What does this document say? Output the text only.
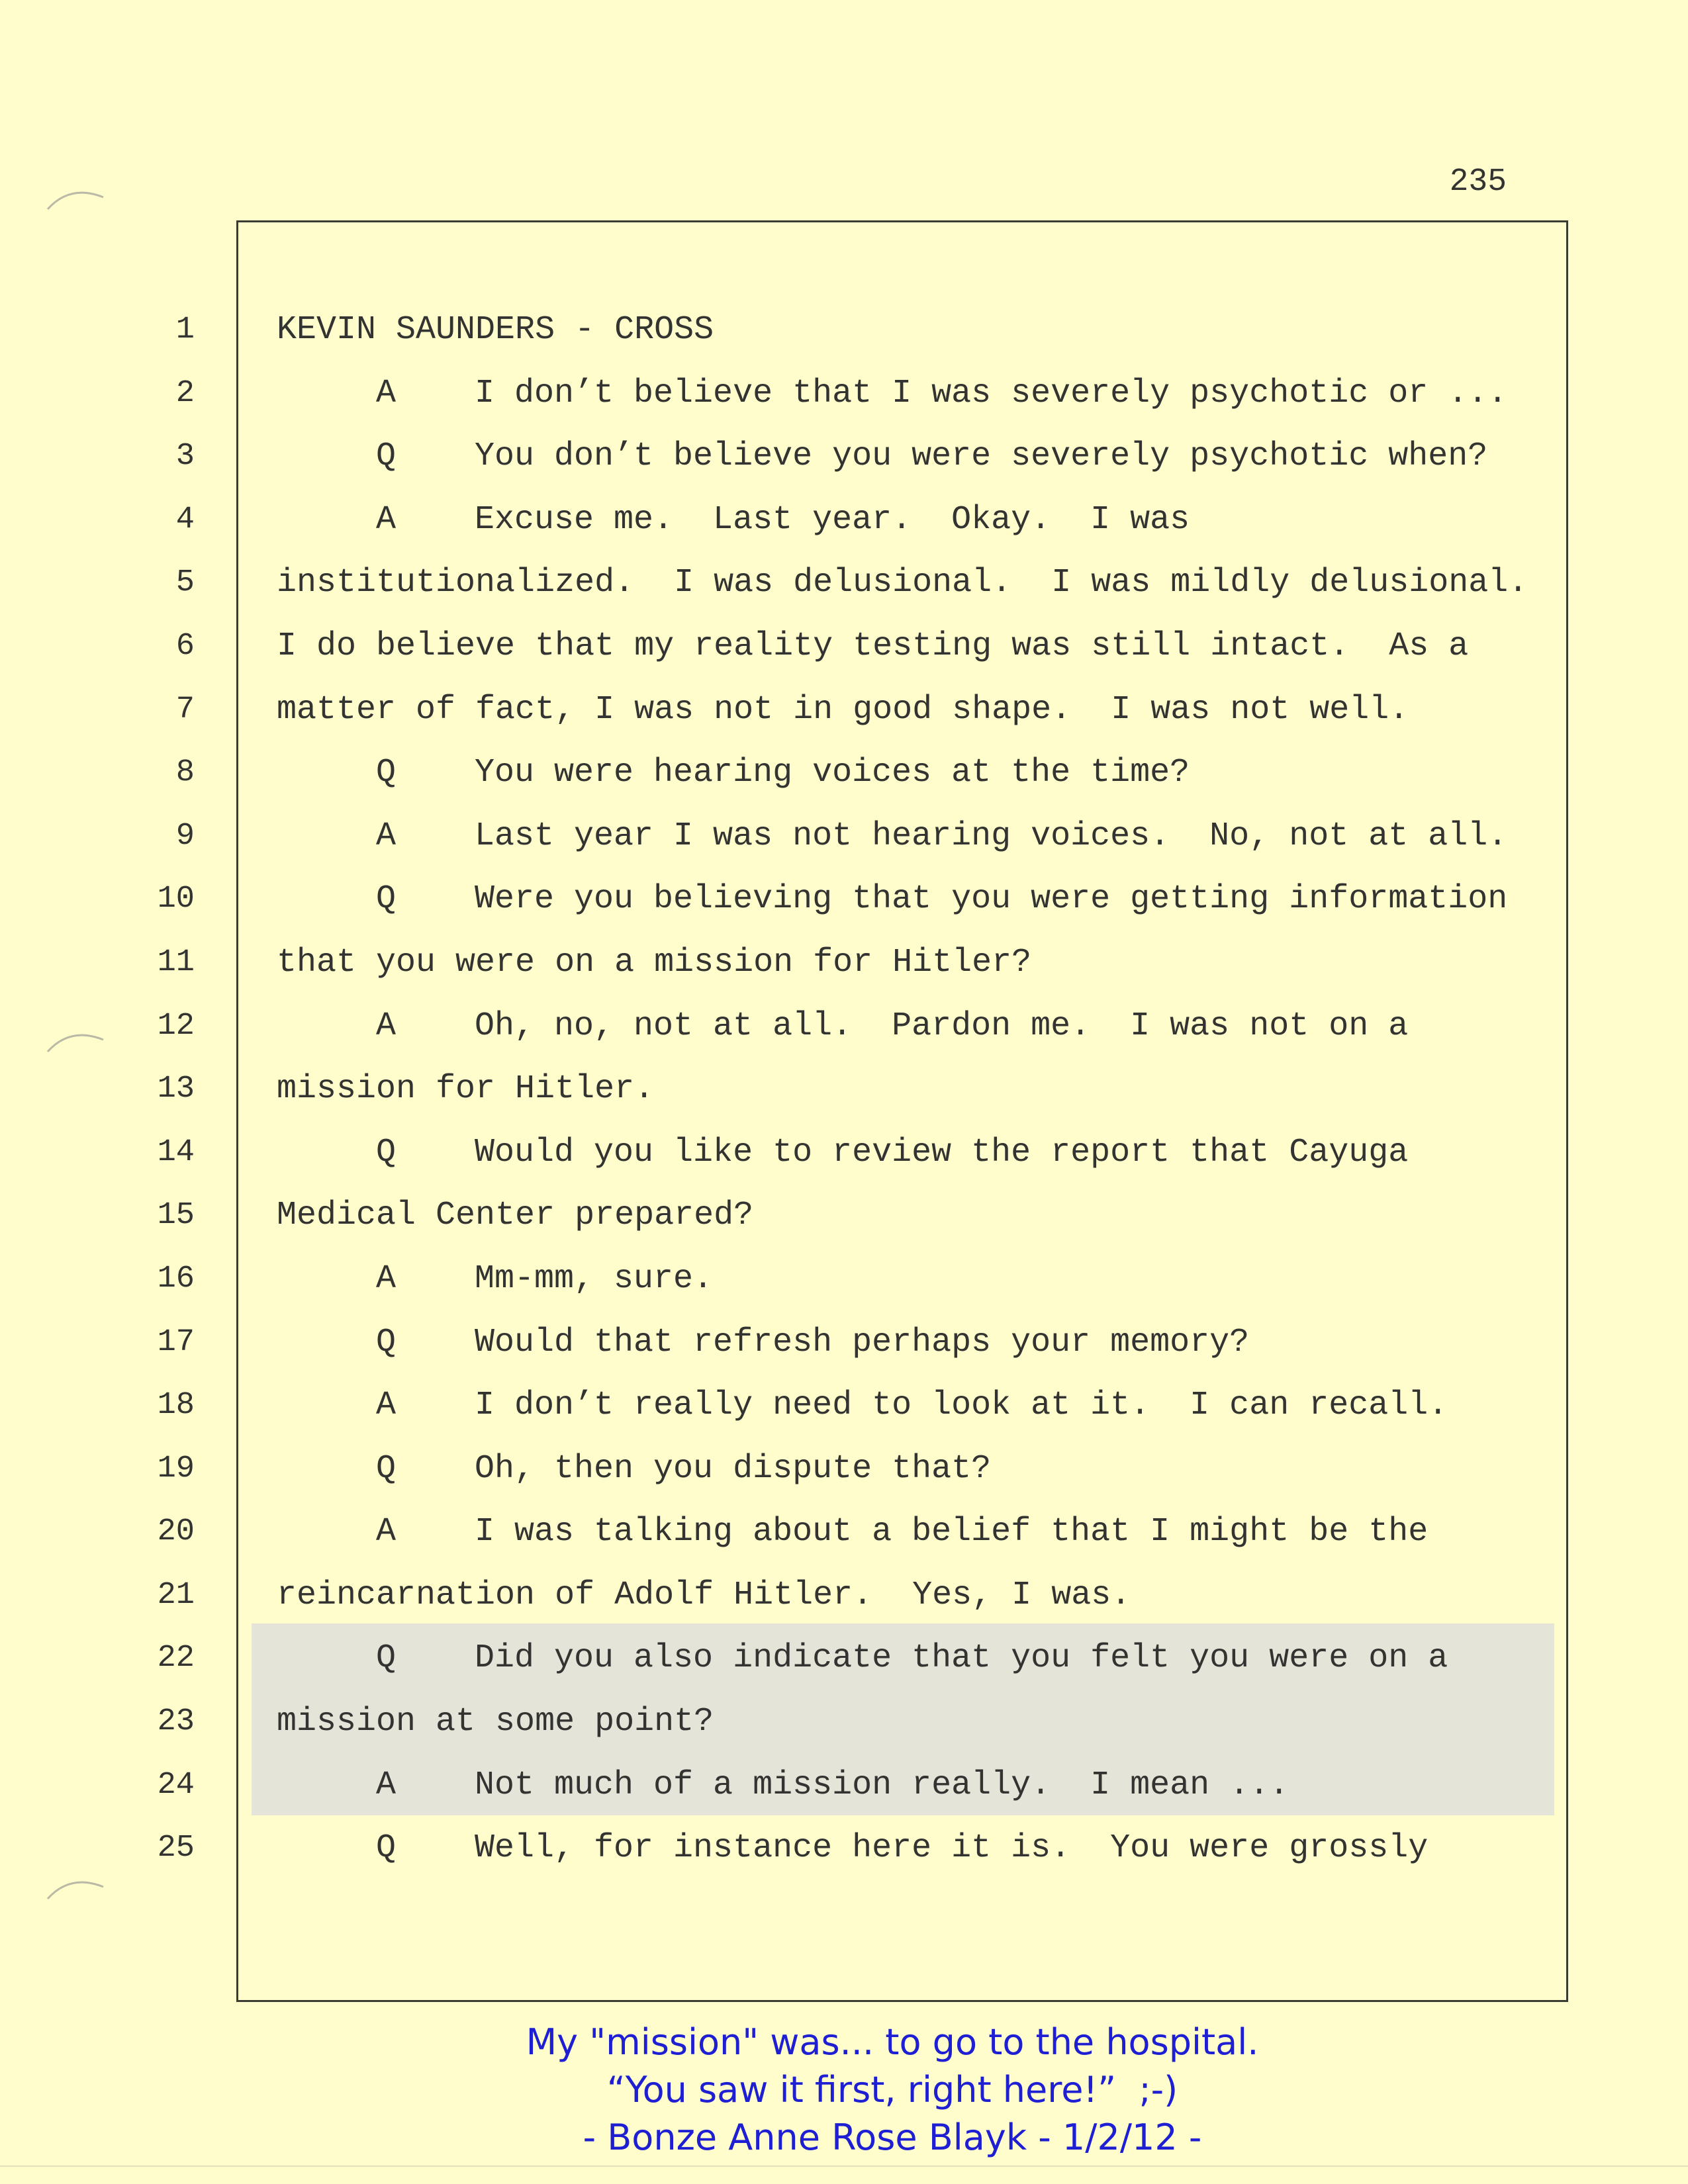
235
1 KEVIN SAUNDERS - CROSS
2	A I don’t believe that I was severely psychotic or ...
3	Q You don’t believe you were severely psychotic when?
4	A Excuse me.  Last year.  Okay.  I was
5 institutionalized.  I was delusional.  I was mildly delusional.
6 I do believe that my reality testing was still intact.  As a
7 matter of fact, I was not in good shape.  I was not well.
8	Q You were hearing voices at the time?
9	A Last year I was not hearing voices.  No, not at all.
10	Q Were you believing that you were getting information
11 that you were on a mission for Hitler?
12	A Oh, no, not at all.  Pardon me.  I was not on a
13 mission for Hitler.
14	Q Would you like to review the report that Cayuga
15 Medical Center prepared?
16	A Mm-mm, sure.
17	Q Would that refresh perhaps your memory?
18	A I don’t really need to look at it.  I can recall.
19	Q Oh, then you dispute that?
20	A I was talking about a belief that I might be the
21 reincarnation of Adolf Hitler.  Yes, I was.
22	Q Did you also indicate that you felt you were on a
23 mission at some point?
24	A Not much of a mission really.  I mean ...
25	Q Well, for instance here it is.  You were grossly
My "mission" was... to go to the hospital.
“You saw it first, right here!”  ;-)
- Bonze Anne Rose Blayk - 1/2/12 -
